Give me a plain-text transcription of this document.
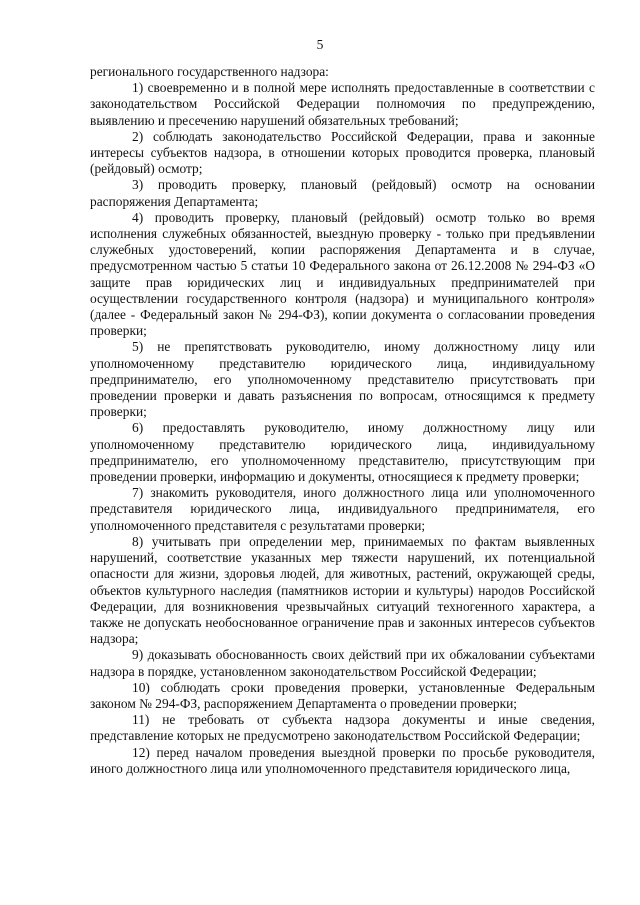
5

регионального государственного надзора:

1) своевременно и в полной мере исполнять предоставленные в соответствии с законодательством Российской Федерации полномочия по предупреждению, выявлению и пресечению нарушений обязательных требований;

2) соблюдать законодательство Российской Федерации, права и законные интересы субъектов надзора, в отношении которых проводится проверка, плановый (рейдовый) осмотр;

3) проводить проверку, плановый (рейдовый) осмотр на основании распоряжения Департамента;

4) проводить проверку, плановый (рейдовый) осмотр только во время исполнения служебных обязанностей, выездную проверку - только при предъявлении служебных удостоверений, копии распоряжения Департамента и в случае, предусмотренном частью 5 статьи 10 Федерального закона от 26.12.2008 № 294-ФЗ «О защите прав юридических лиц и индивидуальных предпринимателей при осуществлении государственного контроля (надзора) и муниципального контроля» (далее - Федеральный закон № 294-ФЗ), копии документа о согласовании проведения проверки;

5) не препятствовать руководителю, иному должностному лицу или уполномоченному представителю юридического лица, индивидуальному предпринимателю, его уполномоченному представителю присутствовать при проведении проверки и давать разъяснения по вопросам, относящимся к предмету проверки;

6) предоставлять руководителю, иному должностному лицу или уполномоченному представителю юридического лица, индивидуальному предпринимателю, его уполномоченному представителю, присутствующим при проведении проверки, информацию и документы, относящиеся к предмету проверки;

7) знакомить руководителя, иного должностного лица или уполномоченного представителя юридического лица, индивидуального предпринимателя, его уполномоченного представителя с результатами проверки;

8) учитывать при определении мер, принимаемых по фактам выявленных нарушений, соответствие указанных мер тяжести нарушений, их потенциальной опасности для жизни, здоровья людей, для животных, растений, окружающей среды, объектов культурного наследия (памятников истории и культуры) народов Российской Федерации, для возникновения чрезвычайных ситуаций техногенного характера, а также не допускать необоснованное ограничение прав и законных интересов субъектов надзора;

9) доказывать обоснованность своих действий при их обжаловании субъектами надзора в порядке, установленном законодательством Российской Федерации;

10) соблюдать сроки проведения проверки, установленные Федеральным законом № 294-ФЗ, распоряжением Департамента о проведении проверки;

11) не требовать от субъекта надзора документы и иные сведения, представление которых не предусмотрено законодательством Российской Федерации;

12) перед началом проведения выездной проверки по просьбе руководителя, иного должностного лица или уполномоченного представителя юридического лица,
